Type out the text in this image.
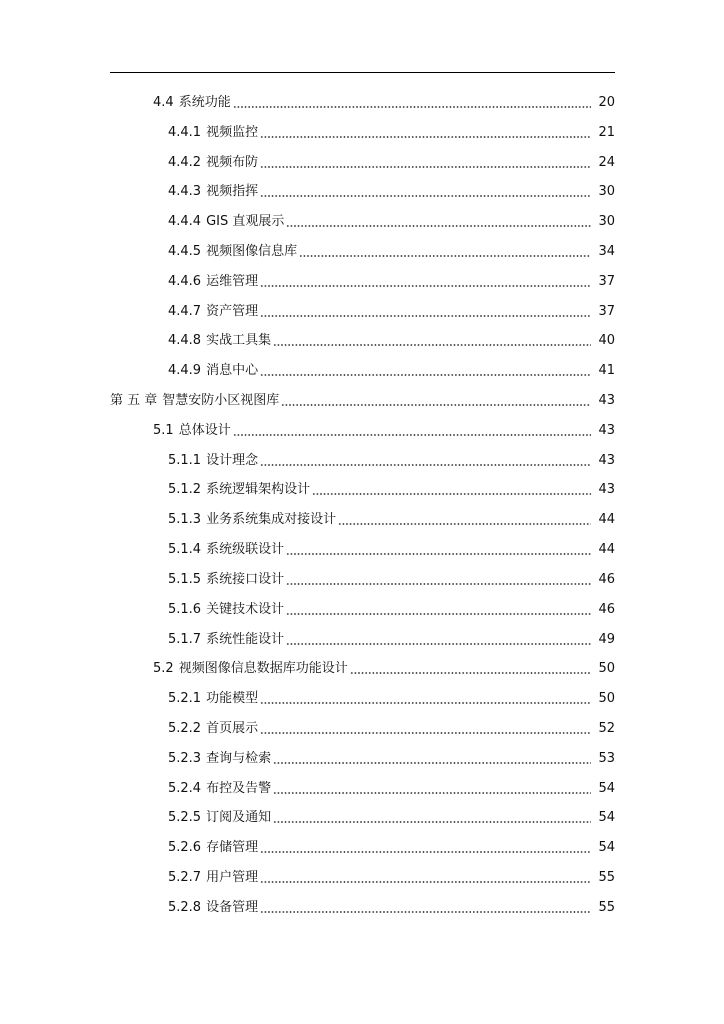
4.4 系统功能	20
4.4.1 视频监控	21
4.4.2 视频布防	24
4.4.3 视频指挥	30
4.4.4 GIS 直观展示	30
4.4.5 视频图像信息库	34
4.4.6 运维管理	37
4.4.7 资产管理	37
4.4.8 实战工具集	40
4.4.9 消息中心	41
第 五 章 智慧安防小区视图库	43
5.1 总体设计	43
5.1.1 设计理念	43
5.1.2 系统逻辑架构设计	43
5.1.3 业务系统集成对接设计	44
5.1.4 系统级联设计	44
5.1.5 系统接口设计	46
5.1.6 关键技术设计	46
5.1.7 系统性能设计	49
5.2 视频图像信息数据库功能设计	50
5.2.1 功能模型	50
5.2.2 首页展示	52
5.2.3 查询与检索	53
5.2.4 布控及告警	54
5.2.5 订阅及通知	54
5.2.6 存储管理	54
5.2.7 用户管理	55
5.2.8 设备管理	55
